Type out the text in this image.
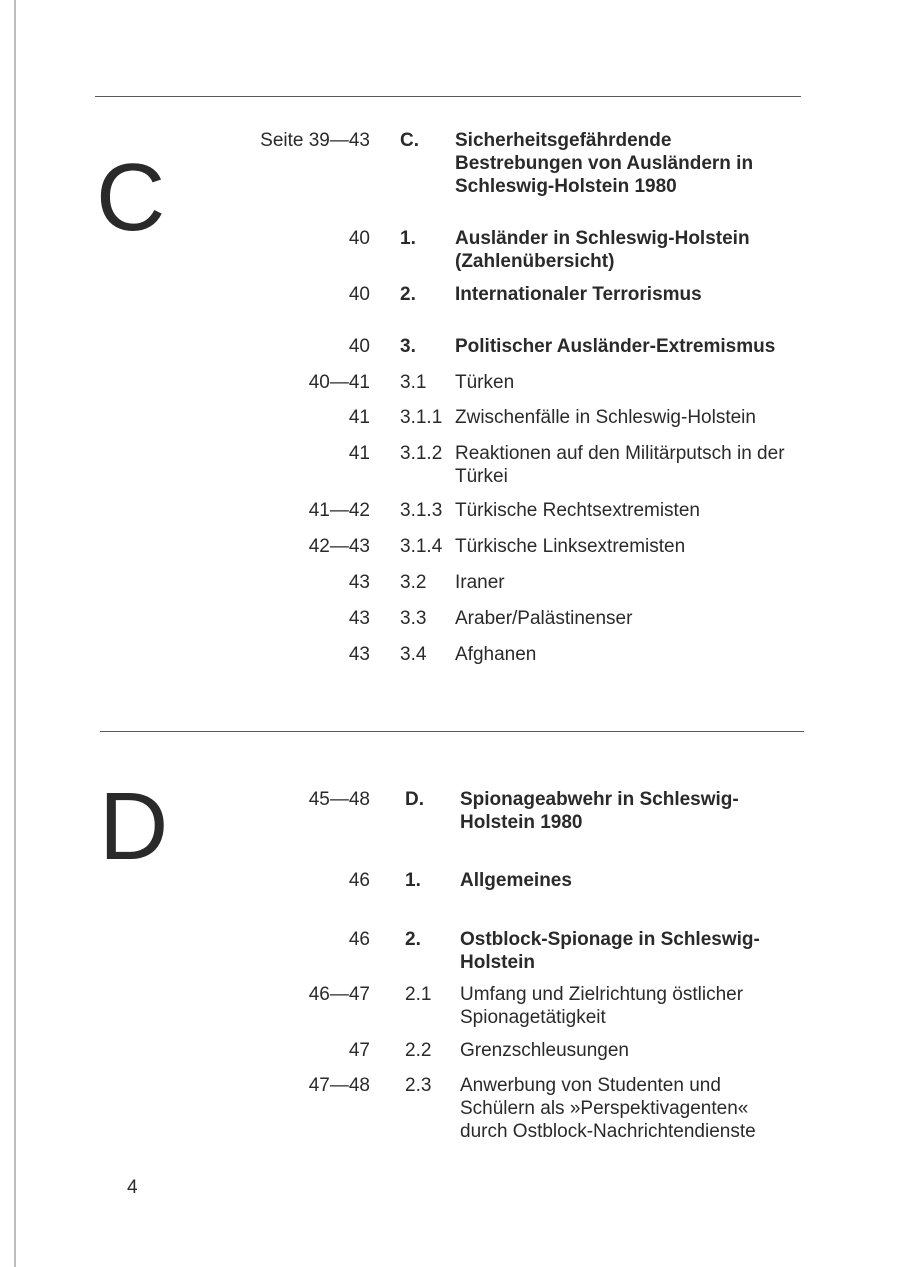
C
Seite 39—43 C. Sicherheitsgefährdende Bestrebungen von Ausländern in Schleswig-Holstein 1980
40 1. Ausländer in Schleswig-Holstein (Zahlenübersicht)
40 2. Internationaler Terrorismus
40 3. Politischer Ausländer-Extremismus
40—41 3.1 Türken
41 3.1.1 Zwischenfälle in Schleswig-Holstein
41 3.1.2 Reaktionen auf den Militärputsch in der Türkei
41—42 3.1.3 Türkische Rechtsextremisten
42—43 3.1.4 Türkische Linksextremisten
43 3.2 Iraner
43 3.3 Araber/Palästinenser
43 3.4 Afghanen
D	45—48 D. Spionageabwehr in Schleswig-Holstein 1980
46 1. Allgemeines
46 2. Ostblock-Spionage in Schleswig-Holstein
46—47 2.1 Umfang und Zielrichtung östlicher Spionagetätigkeit
47 2.2 Grenzschleusungen
47—48 2.3 Anwerbung von Studenten und Schülern als »Perspektivagenten« durch Ostblock-Nachrichtendienste
4
